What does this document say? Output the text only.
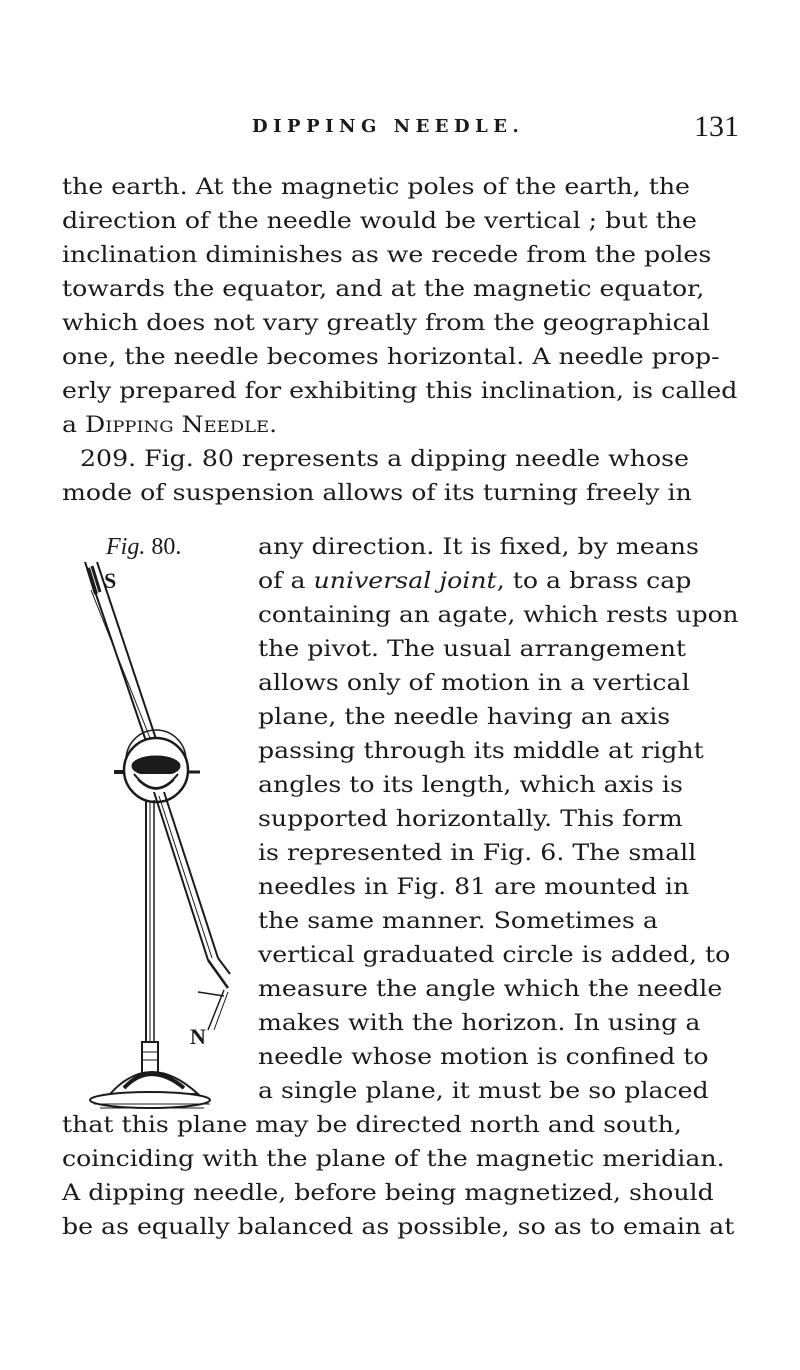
DIPPING NEEDLE.	131
the earth. At the magnetic poles of the earth, the
direction of the needle would be vertical ; but the
inclination diminishes as we recede from the poles
towards the equator, and at the magnetic equator,
which does not vary greatly from the geographical
one, the needle becomes horizontal. A needle prop-
erly prepared for exhibiting this inclination, is called
a Dipping Needle.
209. Fig. 80 represents a dipping needle whose
mode of suspension allows of its turning freely in
Fig. 80.	any direction. It is fixed, by means
of a universal joint, to a brass cap
containing an agate, which rests upon
the pivot. The usual arrangement
allows only of motion in a vertical
plane, the needle having an axis
passing through its middle at right
angles to its length, which axis is
supported horizontally. This form
is represented in Fig. 6. The small
needles in Fig. 81 are mounted in
the same manner. Sometimes a
vertical graduated circle is added, to
measure the angle which the needle
makes with the horizon. In using a
needle whose motion is confined to
a single plane, it must be so placed
that this plane may be directed north and south,
coinciding with the plane of the magnetic meridian.
A dipping needle, before being magnetized, should
be as equally balanced as possible, so as to emain at
S
N
